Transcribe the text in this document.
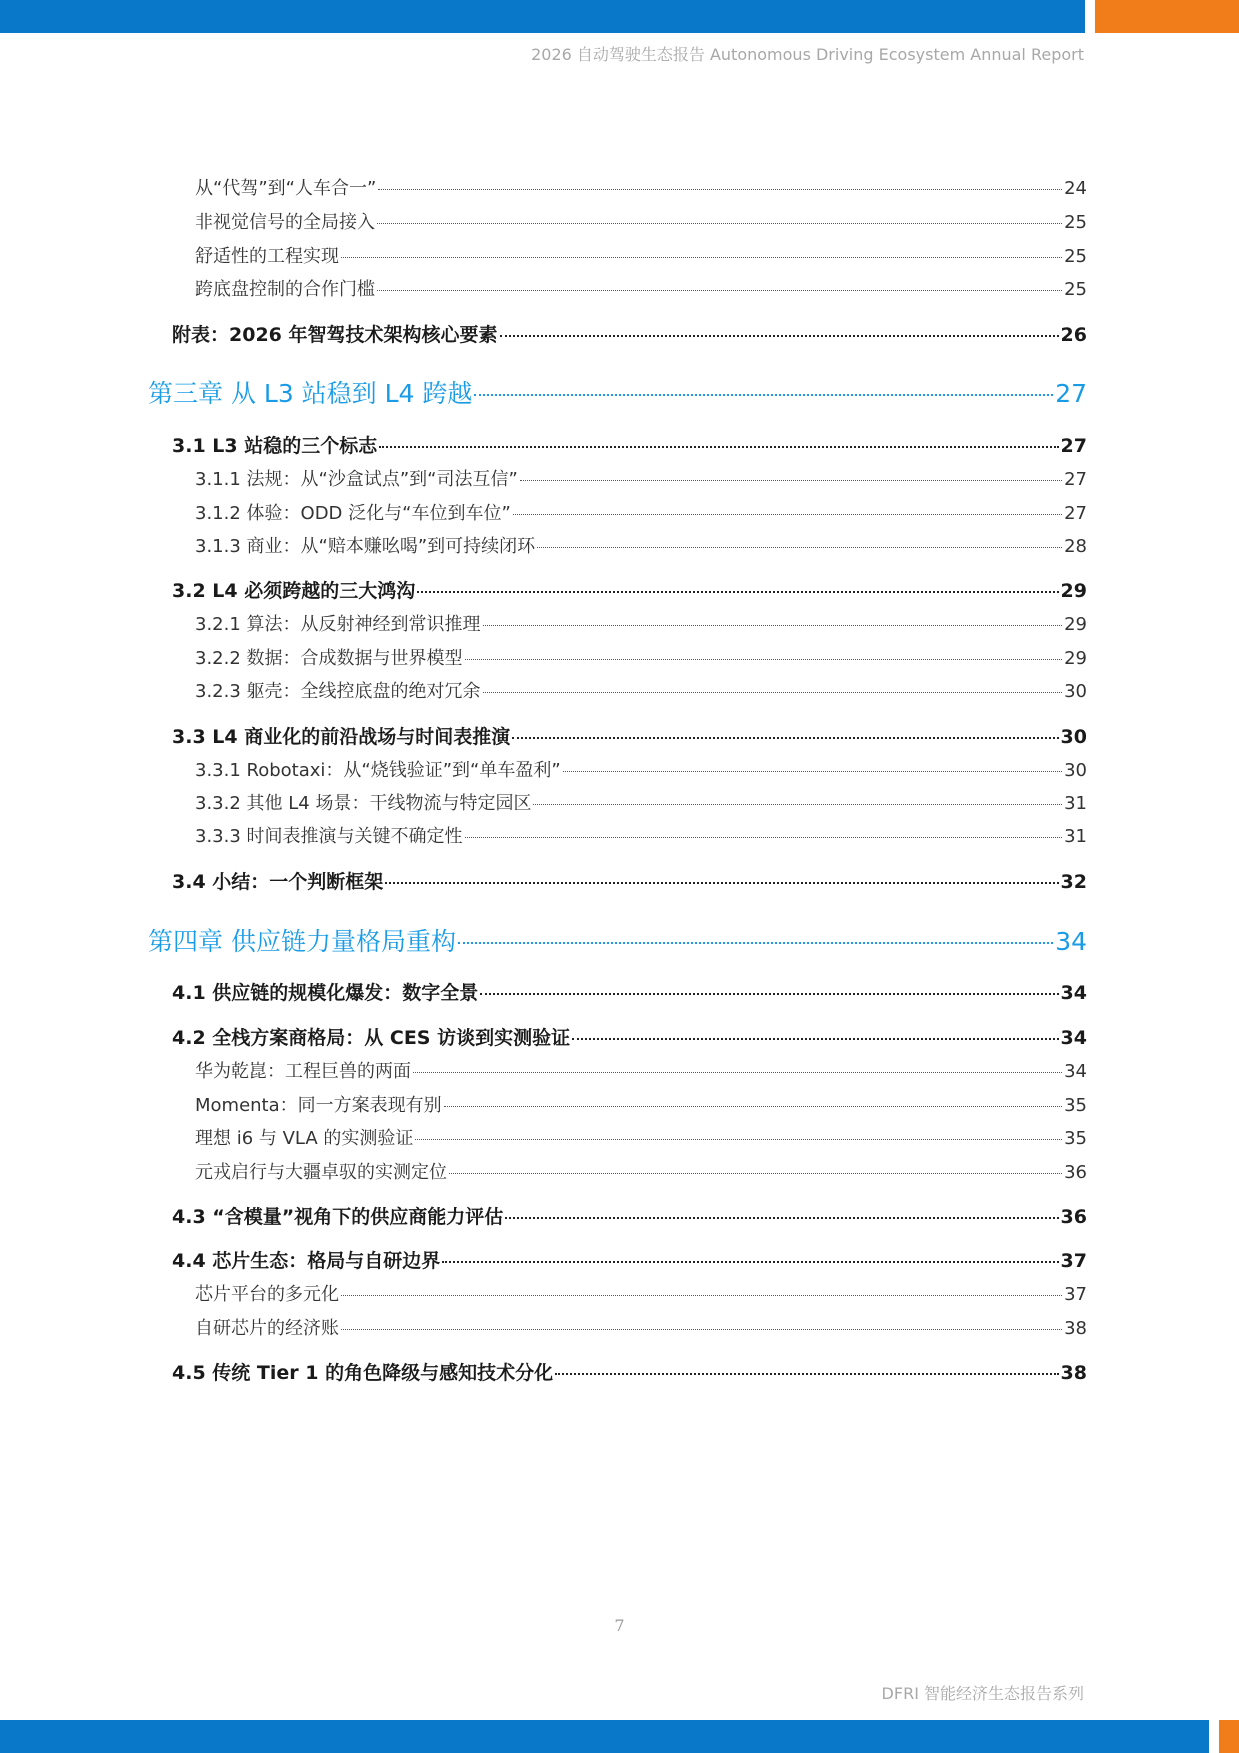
2026 自动驾驶生态报告 Autonomous Driving Ecosystem Annual Report
从“代驾”到“人车合一”	24
非视觉信号的全局接入	25
舒适性的工程实现	25
跨底盘控制的合作门槛	25
附表：2026 年智驾技术架构核心要素	26
第三章 从 L3 站稳到 L4 跨越	27
3.1 L3 站稳的三个标志	27
3.1.1 法规：从“沙盒试点”到“司法互信”	27
3.1.2 体验：ODD 泛化与“车位到车位”	27
3.1.3 商业：从“赔本赚吆喝”到可持续闭环	28
3.2 L4 必须跨越的三大鸿沟	29
3.2.1 算法：从反射神经到常识推理	29
3.2.2 数据：合成数据与世界模型	29
3.2.3 躯壳：全线控底盘的绝对冗余	30
3.3 L4 商业化的前沿战场与时间表推演	30
3.3.1 Robotaxi：从“烧钱验证”到“单车盈利”	30
3.3.2 其他 L4 场景：干线物流与特定园区	31
3.3.3 时间表推演与关键不确定性	31
3.4 小结：一个判断框架	32
第四章 供应链力量格局重构	34
4.1 供应链的规模化爆发：数字全景	34
4.2 全栈方案商格局：从 CES 访谈到实测验证	34
华为乾崑：工程巨兽的两面	34
Momenta：同一方案表现有别	35
理想 i6 与 VLA 的实测验证	35
元戎启行与大疆卓驭的实测定位	36
4.3 “含模量”视角下的供应商能力评估	36
4.4 芯片生态：格局与自研边界	37
芯片平台的多元化	37
自研芯片的经济账	38
4.5 传统 Tier 1 的角色降级与感知技术分化	38
7
DFRI 智能经济生态报告系列
